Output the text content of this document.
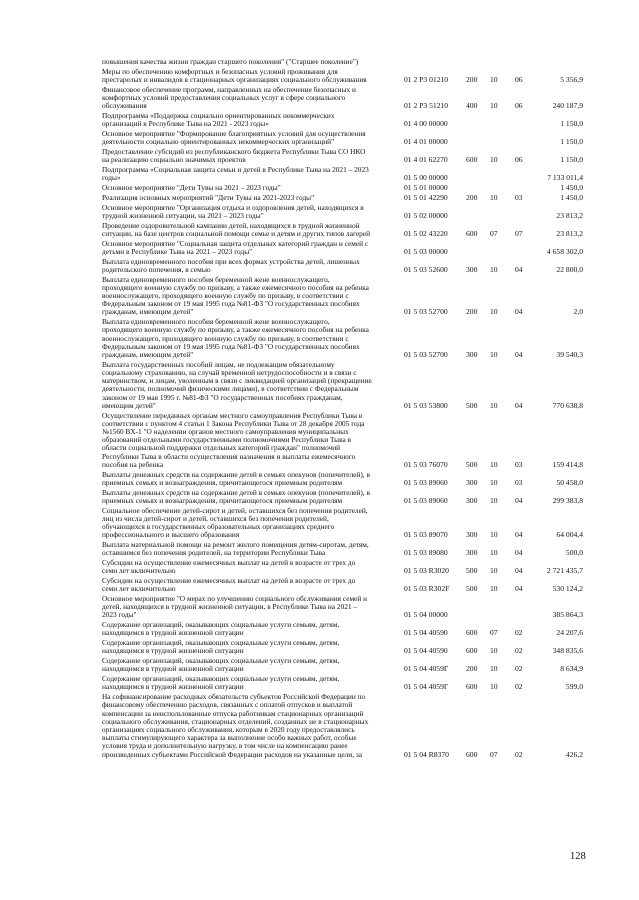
повышения качества жизни граждан старшего поколения" ("Старшее поколение")
Меры по обеспечению комфортных и безопасных условий проживания для
престарелых и инвалидов в стационарных организациях социального обслуживания	01 2 P3 01210 200 10 06	5 356,9
Финансовое обеспечение программ, направленных на обеспечение безопасных и
комфортных условий предоставления социальных услуг в сфере социального
обслуживания	01 2 P3 51210 400 10 06	240 187,9
Подпрограмма «Поддержка социально ориентированных некоммерческих
организаций в Республике Тыва на 2021 - 2023 годы»	01 4 00 00000	1 150,0
Основное мероприятие "Формирование благоприятных условий для осуществления
деятельности социально ориентированных некоммерческих организаций"	01 4 01 00000	1 150,0
Предоставление субсидий из республиканского бюджета Республики Тыва СО НКО
на реализацию социально значимых проектов	01 4 01 62270 600 10 06	1 150,0
Подпрограмма «Социальная защита семьи и детей в Республике Тыва на 2021 – 2023
годы»	01 5 00 00000	7 133 011,4
Основное мероприятие "Дети Тувы на 2021 – 2023 годы"	01 5 01 00000	1 450,0
Реализация основных мероприятий "Дети Тувы на 2021-2023 годы"	01 5 01 42290 200 10 03	1 450,0
Основное мероприятие "Организация отдыха и оздоровления детей, находящихся в
трудной жизненной ситуации, на 2021 – 2023 годы"	01 5 02 00000	23 813,2
Проведение оздоровительной кампании детей, находящихся в трудной жизненной
ситуации, на базе центров социальной помощи семье и детям и других типов лагерей	01 5 02 43220 600 07 07	23 813,2
Основное мероприятие "Социальная защита отдельных категорий граждан и семей с
детьми в Республике Тыва на 2021 – 2023 годы"	01 5 03 00000	4 658 302,0
Выплата единовременного пособия при всех формах устройства детей, лишенных
родительского попечения, в семью	01 5 03 52600 300 10 04	22 800,0
Выплата единовременного пособия беременной жене военнослужащего,
проходящего военную службу по призыву, а также ежемесячного пособия на ребенка
военнослужащего, проходящего военную службу по призыву, в соответствии с
Федеральным законом от 19 мая 1995 года №81-ФЗ "О государственных пособиях
гражданам, имеющим детей"	01 5 03 52700 200 10 04	2,0
Выплата единовременного пособия беременной жене военнослужащего,
проходящего военную службу по призыву, а также ежемесячного пособия на ребенка
военнослужащего, проходящего военную службу по призыву, в соответствии с
Федеральным законом от 19 мая 1995 года №81-ФЗ "О государственных пособиях
гражданам, имеющим детей"	01 5 03 52700 300 10 04	39 540,3
Выплата государственных пособий лицам, не подлежащим обязательному
социальному страхованию, на случай временной нетрудоспособности и в связи с
материнством, и лицам, уволенным в связи с ликвидацией организаций (прекращение
деятельности, полномочий физическими лицами), в соответствии с Федеральным
законом от 19 мая 1995 г. №81-ФЗ "О государственных пособиях гражданам,
имеющим детей"	01 5 03 53800 500 10 04	770 638,8
Осуществление переданных органам местного самоуправления Республики Тыва в
соответствии с пунктом 4 статьи 1 Закона Республики Тыва от 28 декабря 2005 года
№1560 ВХ-1 "О наделении органов местного самоуправления муниципальных
образований отдельными государственными полномочиями Республики Тыва в
области социальной поддержки отдельных категорий граждан" полномочий
Республики Тыва в области осуществления назначения и выплаты ежемесячного
пособия на ребенка	01 5 03 76070 500 10 03	159 414,8
Выплаты денежных средств на содержание детей в семьях опекунов (попечителей), в
приемных семьях и вознаграждения, причитающегося приемным родителям	01 5 03 89060 300 10 03	50 458,0
Выплаты денежных средств на содержание детей в семьях опекунов (попечителей), в
приемных семьях и вознаграждения, причитающегося приемным родителям	01 5 03 89060 300 10 04	299 383,8
Социальное обеспечение детей-сирот и детей, оставшихся без попечения родителей,
лиц из числа детей-сирот и детей, оставшихся без попечения родителей,
обучающихся в государственных образовательных организациях среднего
профессионального и высшего образования	01 5 03 89070 300 10 04	64 004,4
Выплата материальной помощи на ремонт жилого помещения детям-сиротам, детям,
оставшимся без попечения родителей, на территории Республики Тыва	01 5 03 89080 300 10 04	500,0
Субсидии на осуществление ежемесячных выплат на детей в возрасте от трех до
семи лет включительно	01 5 03 R3020 500 10 04	2 721 435,7
Субсидии на осуществление ежемесячных выплат на детей в возрасте от трех до
семи лет включительно	01 5 03 R302F 500 10 04	530 124,2
Основное мероприятие "О мерах по улучшению социального обслуживания семей и
детей, находящихся в трудной жизненной ситуации, в Республике Тыва на 2021 –
2023 годы"	01 5 04 00000	385 864,3
Содержание организаций, оказывающих социальные услуги семьям, детям,
находящимся в трудной жизненной ситуации	01 5 04 40590 600 07 02	24 207,6
Содержание организаций, оказывающих социальные услуги семьям, детям,
находящимся в трудной жизненной ситуации	01 5 04 40590 600 10 02	348 835,6
Содержание организаций, оказывающих социальные услуги семьям, детям,
находящимся в трудной жизненной ситуации	01 5 04 4059Г 200 10 02	8 634,9
Содержание организаций, оказывающих социальные услуги семьям, детям,
находящимся в трудной жизненной ситуации	01 5 04 4059Г 600 10 02	599,0
На софинансирование расходных обязательств субъектов Российской Федерации по
финансовому обеспечению расходов, связанных с оплатой отпусков и выплатой
компенсации за неиспользованные отпуска работникам стационарных организаций
социального обслуживания, стационарных отделений, созданных не в стационарных
организациях социального обслуживания, которым в 2020 году предоставлялись
выплаты стимулирующего характера за выполнение особо важных работ, особые
условия труда и дополнительную нагрузку, в том числе на компенсацию ранее
произведенных субъектами Российской Федерации расходов на указанные цели, за	01 5 04 R8370 600 07 02	426,2
128
